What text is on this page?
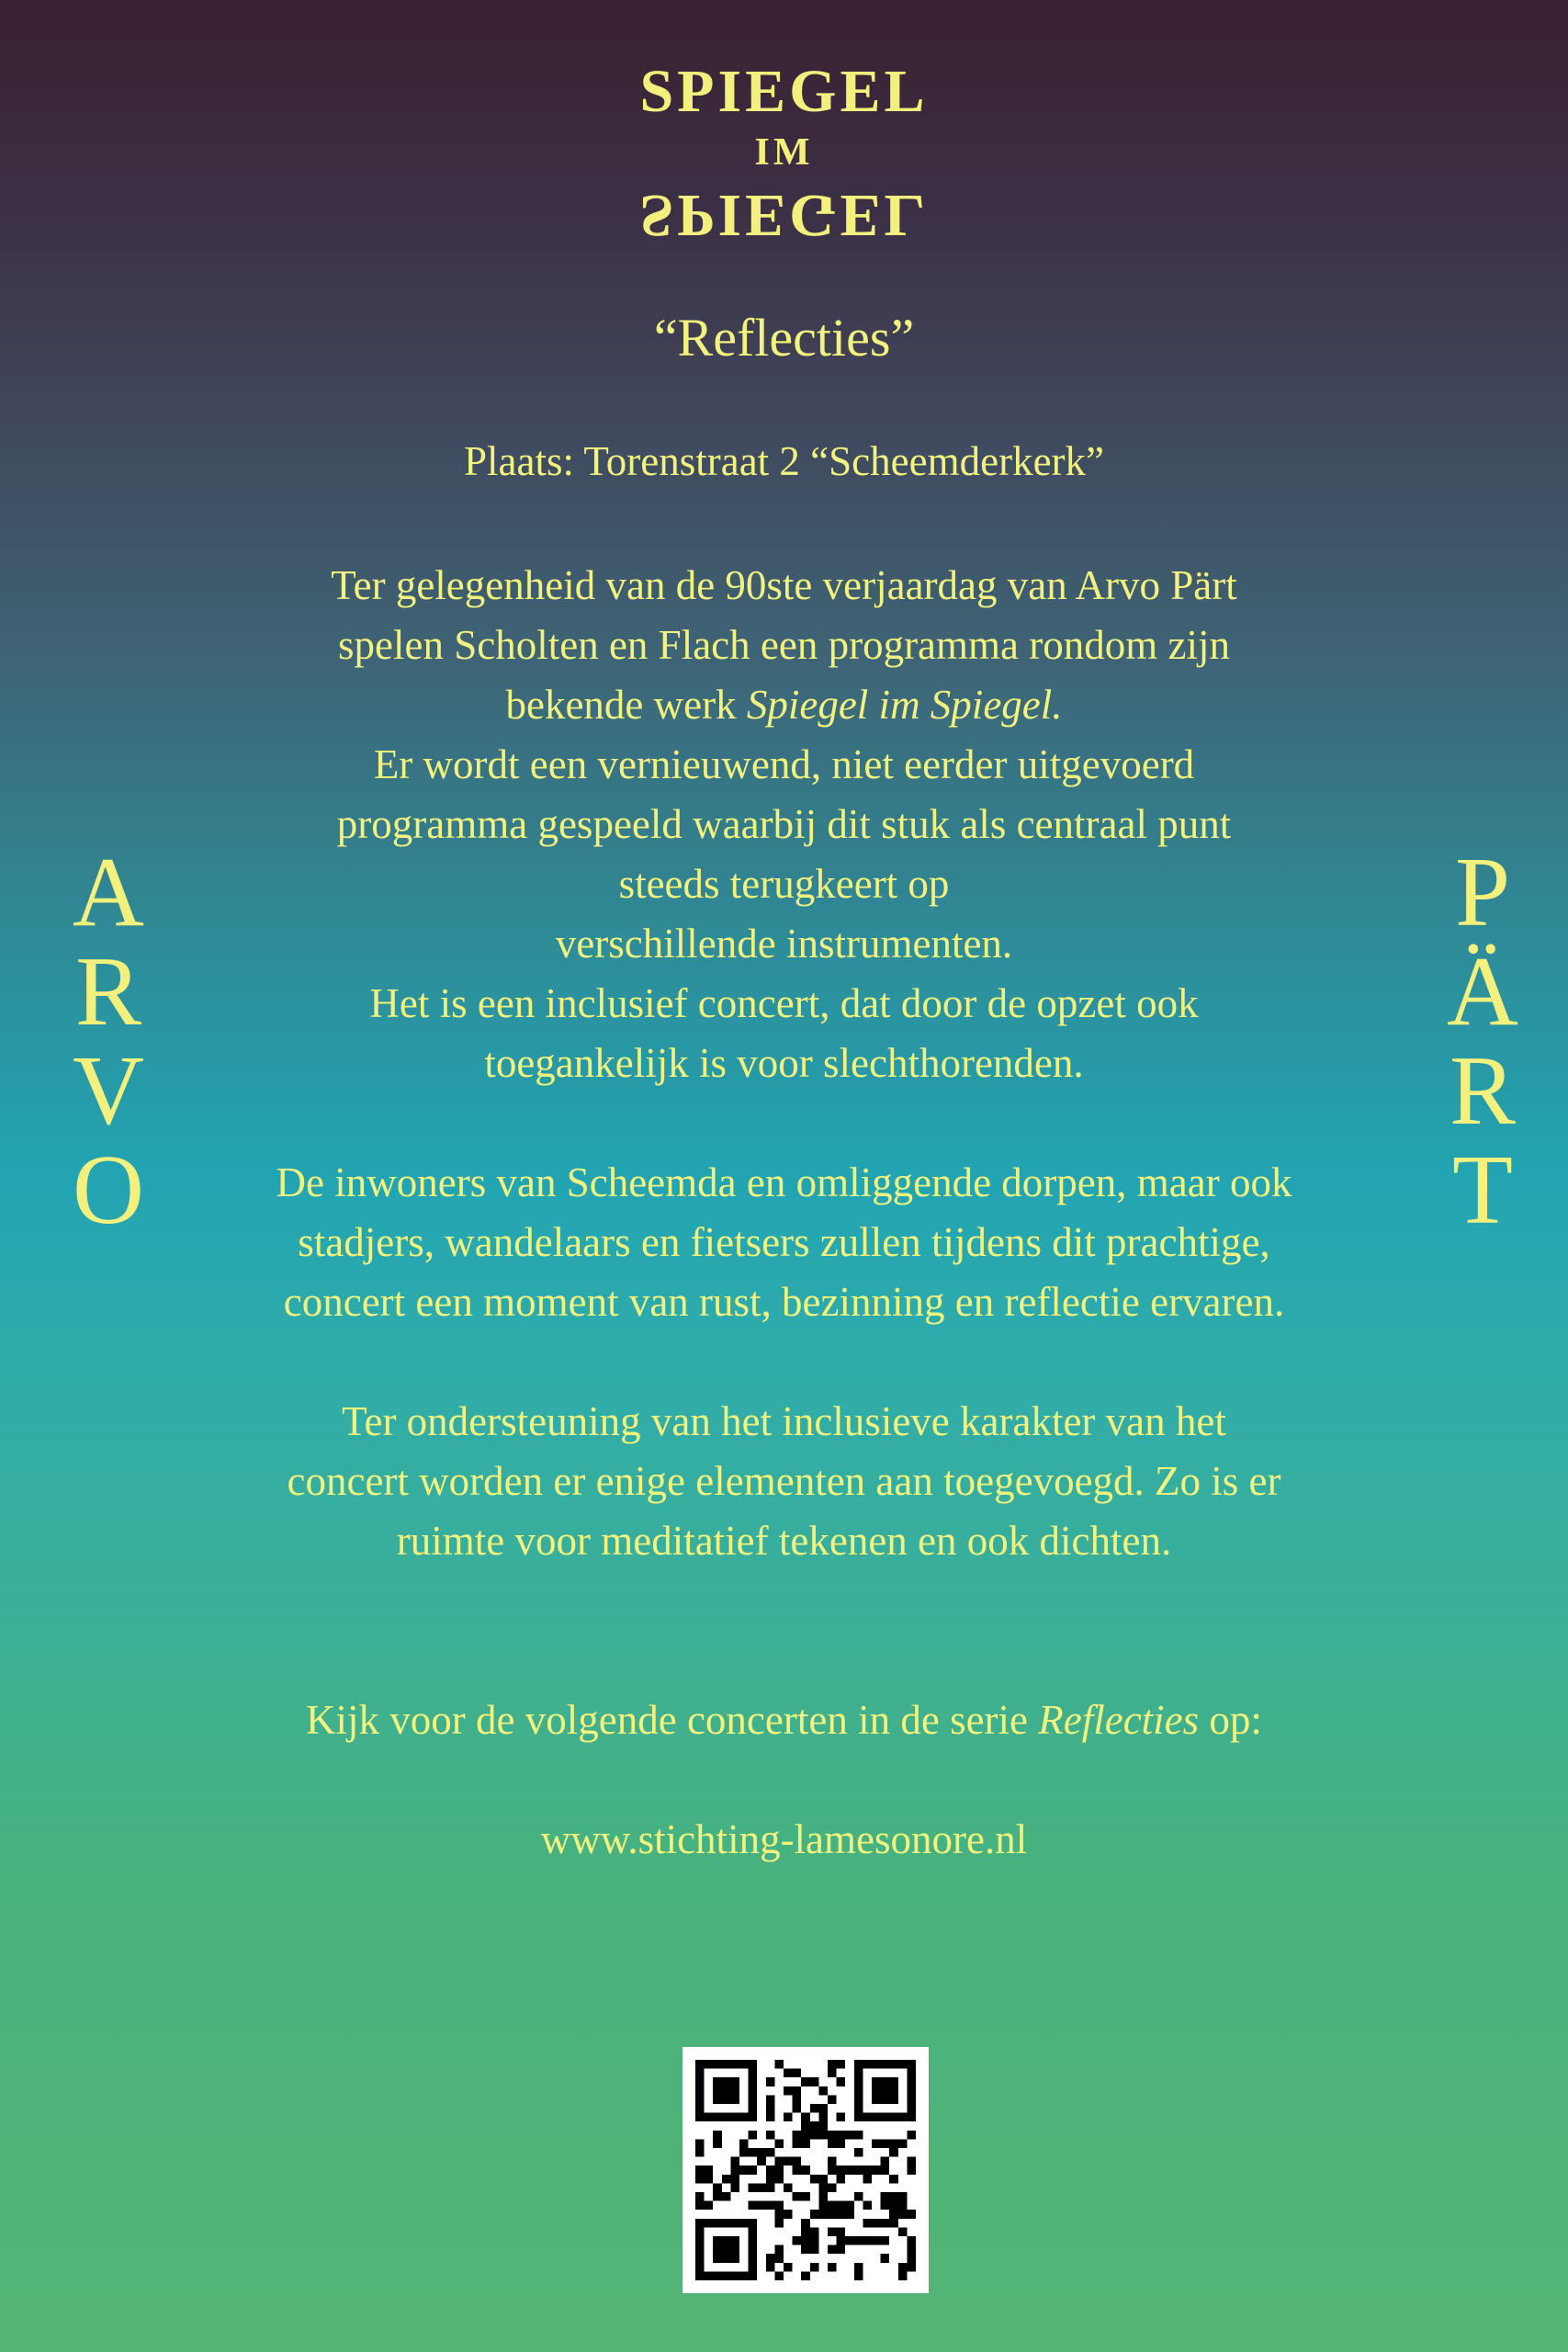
SPIEGEL
IM
SPIEGEL
“Reflecties”
Plaats: Torenstraat 2 “Scheemderkerk”
Ter gelegenheid van de 90ste verjaardag van Arvo Pärt
spelen Scholten en Flach een programma rondom zijn
bekende werk Spiegel im Spiegel.
Er wordt een vernieuwend, niet eerder uitgevoerd
programma gespeeld waarbij dit stuk als centraal punt
steeds terugkeert op
verschillende instrumenten.
Het is een inclusief concert, dat door de opzet ook
toegankelijk is voor slechthorenden.
De inwoners van Scheemda en omliggende dorpen, maar ook
stadjers, wandelaars en fietsers zullen tijdens dit prachtige,
concert een moment van rust, bezinning en reflectie ervaren.
Ter ondersteuning van het inclusieve karakter van het
concert worden er enige elementen aan toegevoegd. Zo is er
ruimte voor meditatief tekenen en ook dichten.
Kijk voor de volgende concerten in de serie Reflecties op:
www.stichting-lamesonore.nl
A
R
V
O
P
Ä
R
T
